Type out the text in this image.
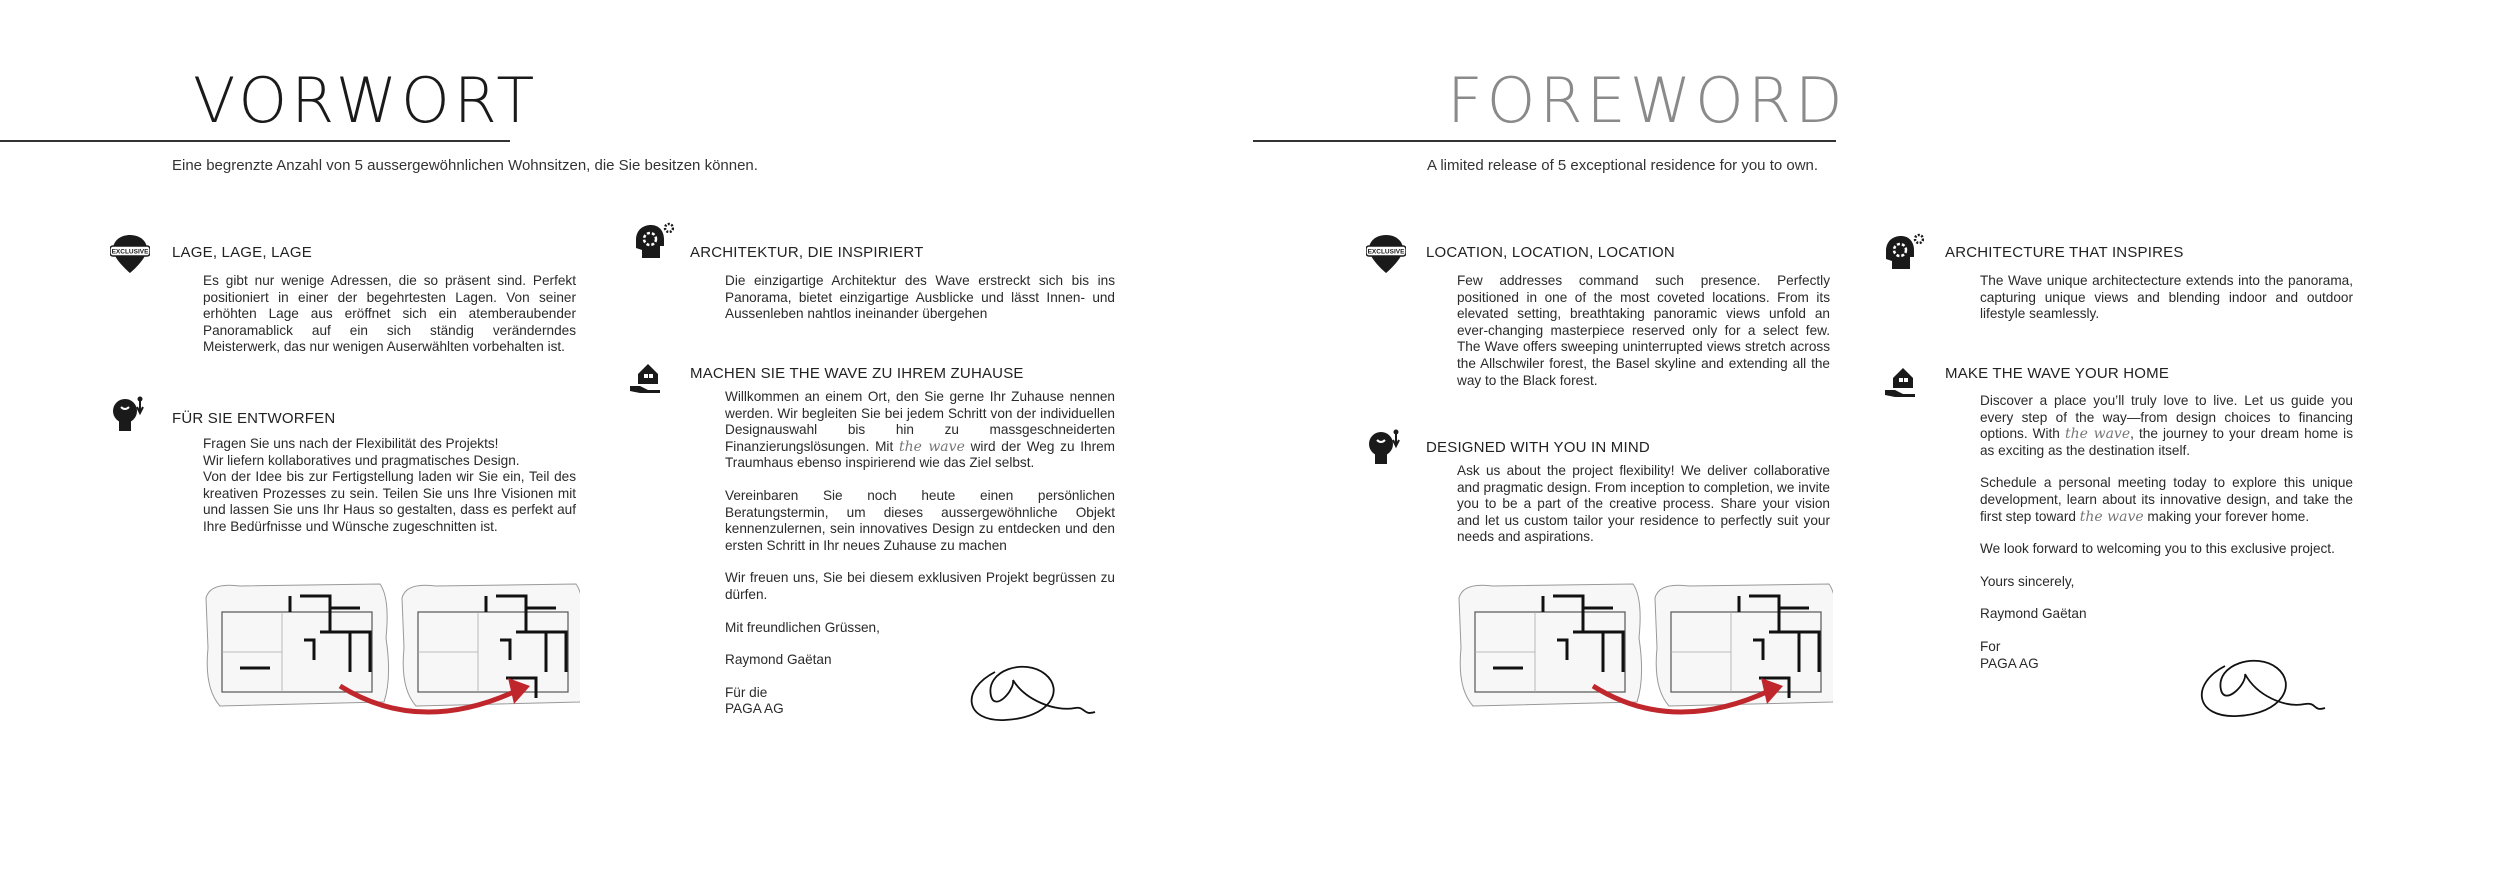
VORWORT
Eine begrenzte Anzahl von 5 aussergewöhnlichen Wohnsitzen, die Sie besitzen können.
EXCLUSIVE LAGE, LAGE, LAGE
Es gibt nur wenige Adressen, die so präsent sind. Perfekt positioniert in einer der begehrtesten Lagen. Von seiner erhöhten Lage aus eröffnet sich ein atemberaubender Panoramablick auf ein sich ständig veränderndes Meisterwerk, das nur wenigen Auserwählten vorbehalten ist.
FÜR SIE ENTWORFEN
Fragen Sie uns nach der Flexibilität des Projekts!
Wir liefern kollaboratives und pragmatisches Design.
Von der Idee bis zur Fertigstellung laden wir Sie ein, Teil des kreativen Prozesses zu sein. Teilen Sie uns Ihre Visionen mit und lassen Sie uns Ihr Haus so gestalten, dass es perfekt auf Ihre Bedürfnisse und Wünsche zugeschnitten ist.
ARCHITEKTUR, DIE INSPIRIERT
Die einzigartige Architektur des Wave erstreckt sich bis ins Panorama, bietet einzigartige Ausblicke und lässt Innen- und Aussenleben nahtlos ineinander übergehen
MACHEN SIE THE WAVE ZU IHREM ZUHAUSE

Willkommen an einem Ort, den Sie gerne Ihr Zuhause nennen werden. Wir begleiten Sie bei jedem Schritt von der individuellen Designauswahl bis hin zu massgeschneiderten Finanzierungslösungen. Mit the wave wird der Weg zu Ihrem Traumhaus ebenso inspirierend wie das Ziel selbst.

Vereinbaren Sie noch heute einen persönlichen Beratungstermin, um dieses aussergewöhnliche Objekt kennenzulernen, sein innovatives Design zu entdecken und den ersten Schritt in Ihr neues Zuhause zu machen

Wir freuen uns, Sie bei diesem exklusiven Projekt begrüssen zu dürfen.

Mit freundlichen Grüssen,

Raymond Gaëtan

Für die
PAGA AG
FOREWORD
A limited release of 5 exceptional residence for you to own.
EXCLUSIVE LOCATION, LOCATION, LOCATION
Few addresses command such presence. Perfectly positioned in one of the most coveted locations. From its elevated setting, breathtaking panoramic views unfold an ever-changing masterpiece reserved only for a select few. The Wave offers sweeping uninterrupted views stretch across the Allschwiler forest, the Basel skyline and extending all the way to the Black forest.
DESIGNED WITH YOU IN MIND
Ask us about the project flexibility! We deliver collaborative and pragmatic design. From inception to completion, we invite you to be a part of the creative process. Share your vision and let us custom tailor your residence to perfectly suit your needs and aspirations.
ARCHITECTURE THAT INSPIRES
The Wave unique architectecture extends into the panorama, capturing unique views and blending indoor and outdoor lifestyle seamlessly.
MAKE THE WAVE YOUR HOME

Discover a place you’ll truly love to live. Let us guide you every step of the way—from design choices to financing options. With the wave, the journey to your dream home is as exciting as the destination itself.

Schedule a personal meeting today to explore this unique development, learn about its innovative design, and take the first step toward the wave making your forever home.

We look forward to welcoming you to this exclusive project.

Yours sincerely,

Raymond Gaëtan

For
PAGA AG
